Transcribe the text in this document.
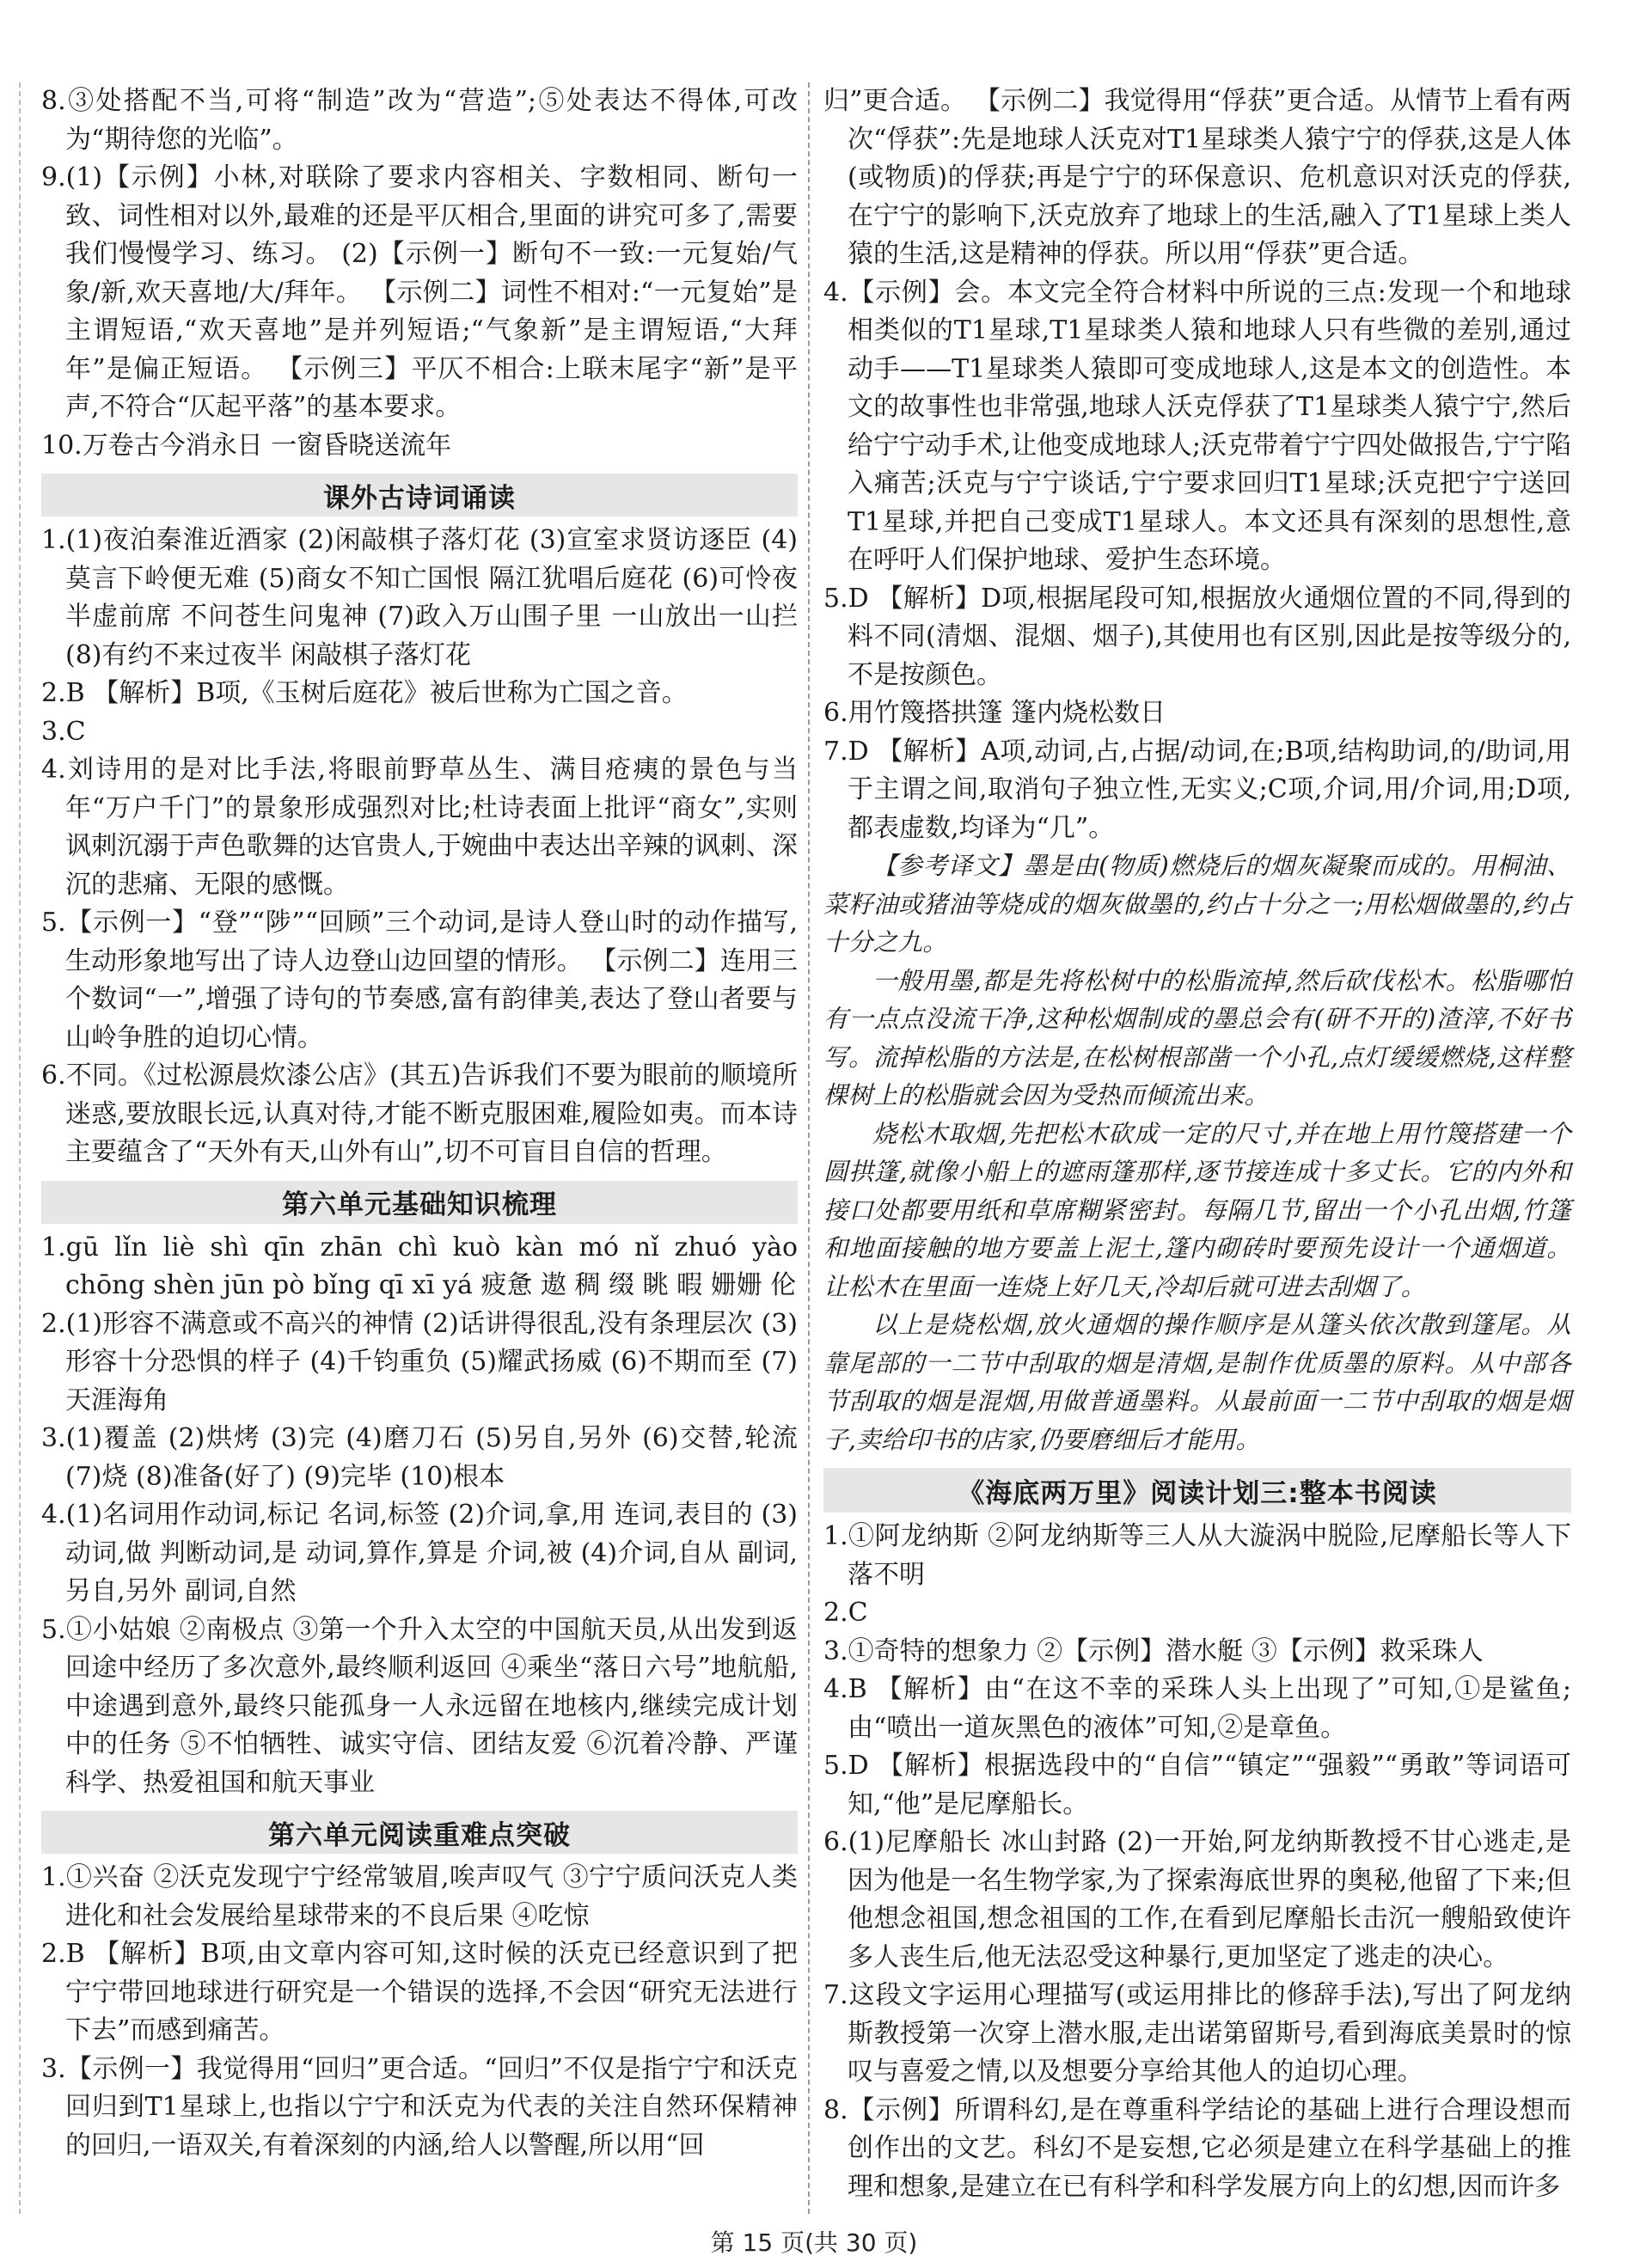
8.③处搭配不当,可将“制造”改为“营造”;⑤处表达不得体,可改为“期待您的光临”。

9.(1)【示例】小林,对联除了要求内容相关、字数相同、断句一致、词性相对以外,最难的还是平仄相合,里面的讲究可多了,需要我们慢慢学习、练习。 (2)【示例一】断句不一致:一元复始/气象/新,欢天喜地/大/拜年。 【示例二】词性不相对:“一元复始”是主谓短语,“欢天喜地”是并列短语;“气象新”是主谓短语,“大拜年”是偏正短语。 【示例三】平仄不相合:上联末尾字“新”是平声,不符合“仄起平落”的基本要求。

10.万卷古今消永日 一窗昏晓送流年

课外古诗词诵读

1.(1)夜泊秦淮近酒家 (2)闲敲棋子落灯花 (3)宣室求贤访逐臣 (4)莫言下岭便无难 (5)商女不知亡国恨 隔江犹唱后庭花 (6)可怜夜半虚前席 不问苍生问鬼神 (7)政入万山围子里 一山放出一山拦 (8)有约不来过夜半 闲敲棋子落灯花

2.B 【解析】B项,《玉树后庭花》被后世称为亡国之音。

3.C

4.刘诗用的是对比手法,将眼前野草丛生、满目疮痍的景色与当年“万户千门”的景象形成强烈对比;杜诗表面上批评“商女”,实则讽刺沉溺于声色歌舞的达官贵人,于婉曲中表达出辛辣的讽刺、深沉的悲痛、无限的感慨。

5.【示例一】“登”“陟”“回顾”三个动词,是诗人登山时的动作描写,生动形象地写出了诗人边登山边回望的情形。 【示例二】连用三个数词“一”,增强了诗句的节奏感,富有韵律美,表达了登山者要与山岭争胜的迫切心情。

6.不同。《过松源晨炊漆公店》(其五)告诉我们不要为眼前的顺境所迷惑,要放眼长远,认真对待,才能不断克服困难,履险如夷。而本诗主要蕴含了“天外有天,山外有山”,切不可盲目自信的哲理。

第六单元基础知识梳理

1.gū lǐn liè shì qīn zhān chì kuò kàn mó nǐ zhuó yào chōng shèn jūn pò bǐng qī xī yá 疲惫 遨 稠 缀 眺 暇 姗姗 伦

2.(1)形容不满意或不高兴的神情 (2)话讲得很乱,没有条理层次 (3)形容十分恐惧的样子 (4)千钧重负 (5)耀武扬威 (6)不期而至 (7)天涯海角

3.(1)覆盖 (2)烘烤 (3)完 (4)磨刀石 (5)另自,另外 (6)交替,轮流 (7)烧 (8)准备(好了) (9)完毕 (10)根本

4.(1)名词用作动词,标记 名词,标签 (2)介词,拿,用 连词,表目的 (3)动词,做 判断动词,是 动词,算作,算是 介词,被 (4)介词,自从 副词,另自,另外 副词,自然

5.①小姑娘 ②南极点 ③第一个升入太空的中国航天员,从出发到返回途中经历了多次意外,最终顺利返回 ④乘坐“落日六号”地航船,中途遇到意外,最终只能孤身一人永远留在地核内,继续完成计划中的任务 ⑤不怕牺牲、诚实守信、团结友爱 ⑥沉着冷静、严谨科学、热爱祖国和航天事业

第六单元阅读重难点突破

1.①兴奋 ②沃克发现宁宁经常皱眉,唉声叹气 ③宁宁质问沃克人类进化和社会发展给星球带来的不良后果 ④吃惊

2.B 【解析】B项,由文章内容可知,这时候的沃克已经意识到了把宁宁带回地球进行研究是一个错误的选择,不会因“研究无法进行下去”而感到痛苦。

3.【示例一】我觉得用“回归”更合适。“回归”不仅是指宁宁和沃克回归到T1星球上,也指以宁宁和沃克为代表的关注自然环保精神的回归,一语双关,有着深刻的内涵,给人以警醒,所以用“回

归”更合适。 【示例二】我觉得用“俘获”更合适。从情节上看有两次“俘获”:先是地球人沃克对T1星球类人猿宁宁的俘获,这是人体(或物质)的俘获;再是宁宁的环保意识、危机意识对沃克的俘获,在宁宁的影响下,沃克放弃了地球上的生活,融入了T1星球上类人猿的生活,这是精神的俘获。所以用“俘获”更合适。

4.【示例】会。本文完全符合材料中所说的三点:发现一个和地球相类似的T1星球,T1星球类人猿和地球人只有些微的差别,通过动手——T1星球类人猿即可变成地球人,这是本文的创造性。本文的故事性也非常强,地球人沃克俘获了T1星球类人猿宁宁,然后给宁宁动手术,让他变成地球人;沃克带着宁宁四处做报告,宁宁陷入痛苦;沃克与宁宁谈话,宁宁要求回归T1星球;沃克把宁宁送回T1星球,并把自己变成T1星球人。本文还具有深刻的思想性,意在呼吁人们保护地球、爱护生态环境。

5.D 【解析】D项,根据尾段可知,根据放火通烟位置的不同,得到的料不同(清烟、混烟、烟子),其使用也有区别,因此是按等级分的,不是按颜色。

6.用竹篾搭拱篷 篷内烧松数日

7.D 【解析】A项,动词,占,占据/动词,在;B项,结构助词,的/助词,用于主谓之间,取消句子独立性,无实义;C项,介词,用/介词,用;D项,都表虚数,均译为“几”。

【参考译文】墨是由(物质)燃烧后的烟灰凝聚而成的。用桐油、菜籽油或猪油等烧成的烟灰做墨的,约占十分之一;用松烟做墨的,约占十分之九。

一般用墨,都是先将松树中的松脂流掉,然后砍伐松木。松脂哪怕有一点点没流干净,这种松烟制成的墨总会有(研不开的)渣滓,不好书写。流掉松脂的方法是,在松树根部凿一个小孔,点灯缓缓燃烧,这样整棵树上的松脂就会因为受热而倾流出来。

烧松木取烟,先把松木砍成一定的尺寸,并在地上用竹篾搭建一个圆拱篷,就像小船上的遮雨篷那样,逐节接连成十多丈长。它的内外和接口处都要用纸和草席糊紧密封。每隔几节,留出一个小孔出烟,竹篷和地面接触的地方要盖上泥土,篷内砌砖时要预先设计一个通烟道。让松木在里面一连烧上好几天,冷却后就可进去刮烟了。

以上是烧松烟,放火通烟的操作顺序是从篷头依次散到篷尾。从靠尾部的一二节中刮取的烟是清烟,是制作优质墨的原料。从中部各节刮取的烟是混烟,用做普通墨料。从最前面一二节中刮取的烟是烟子,卖给印书的店家,仍要磨细后才能用。

《海底两万里》阅读计划三:整本书阅读

1.①阿龙纳斯 ②阿龙纳斯等三人从大漩涡中脱险,尼摩船长等人下落不明

2.C

3.①奇特的想象力 ②【示例】潜水艇 ③【示例】救采珠人

4.B 【解析】由“在这不幸的采珠人头上出现了”可知,①是鲨鱼;由“喷出一道灰黑色的液体”可知,②是章鱼。

5.D 【解析】根据选段中的“自信”“镇定”“强毅”“勇敢”等词语可知,“他”是尼摩船长。

6.(1)尼摩船长 冰山封路 (2)一开始,阿龙纳斯教授不甘心逃走,是因为他是一名生物学家,为了探索海底世界的奥秘,他留了下来;但他想念祖国,想念祖国的工作,在看到尼摩船长击沉一艘船致使许多人丧生后,他无法忍受这种暴行,更加坚定了逃走的决心。

7.这段文字运用心理描写(或运用排比的修辞手法),写出了阿龙纳斯教授第一次穿上潜水服,走出诺第留斯号,看到海底美景时的惊叹与喜爱之情,以及想要分享给其他人的迫切心理。

8.【示例】所谓科幻,是在尊重科学结论的基础上进行合理设想而创作出的文艺。科幻不是妄想,它必须是建立在科学基础上的推理和想象,是建立在已有科学和科学发展方向上的幻想,因而许多

第 15 页(共 30 页)
